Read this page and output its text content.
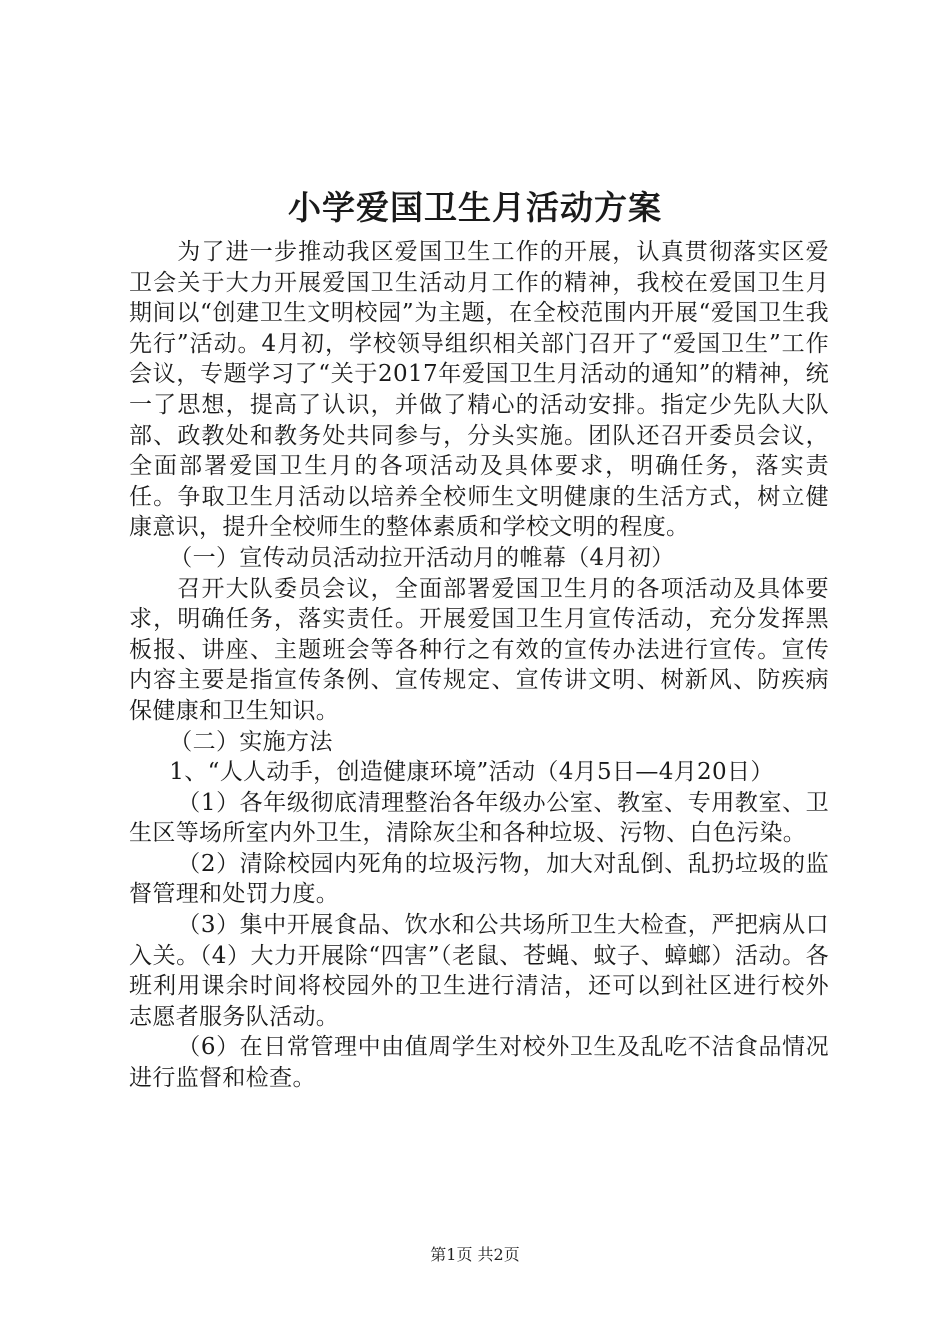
小学爱国卫生月活动方案

为了进一步推动我区爱国卫生工作的开展，认真贯彻落实区爱卫会关于大力开展爱国卫生活动月工作的精神，我校在爱国卫生月期间以“创建卫生文明校园”为主题，在全校范围内开展“爱国卫生我先行”活动。4月初，学校领导组织相关部门召开了“爱国卫生”工作会议，专题学习了“关于2017年爱国卫生月活动的通知”的精神，统一了思想，提高了认识，并做了精心的活动安排。指定少先队大队部、政教处和教务处共同参与，分头实施。团队还召开委员会议，全面部署爱国卫生月的各项活动及具体要求，明确任务，落实责任。争取卫生月活动以培养全校师生文明健康的生活方式，树立健康意识，提升全校师生的整体素质和学校文明的程度。

（一）宣传动员活动拉开活动月的帷幕（4月初）

召开大队委员会议，全面部署爱国卫生月的各项活动及具体要求，明确任务，落实责任。开展爱国卫生月宣传活动，充分发挥黑板报、讲座、主题班会等各种行之有效的宣传办法进行宣传。宣传内容主要是指宣传条例、宣传规定、宣传讲文明、树新风、防疾病保健康和卫生知识。

（二）实施方法

1、“人人动手，创造健康环境”活动（4月5日—4月20日）

（1）各年级彻底清理整治各年级办公室、教室、专用教室、卫生区等场所室内外卫生，清除灰尘和各种垃圾、污物、白色污染。

（2）清除校园内死角的垃圾污物，加大对乱倒、乱扔垃圾的监督管理和处罚力度。

（3）集中开展食品、饮水和公共场所卫生大检查，严把病从口入关。（4）大力开展除“四害”（老鼠、苍蝇、蚊子、蟑螂）活动。各班利用课余时间将校园外的卫生进行清洁，还可以到社区进行校外志愿者服务队活动。

（6）在日常管理中由值周学生对校外卫生及乱吃不洁食品情况进行监督和检查。

第1页 共2页
